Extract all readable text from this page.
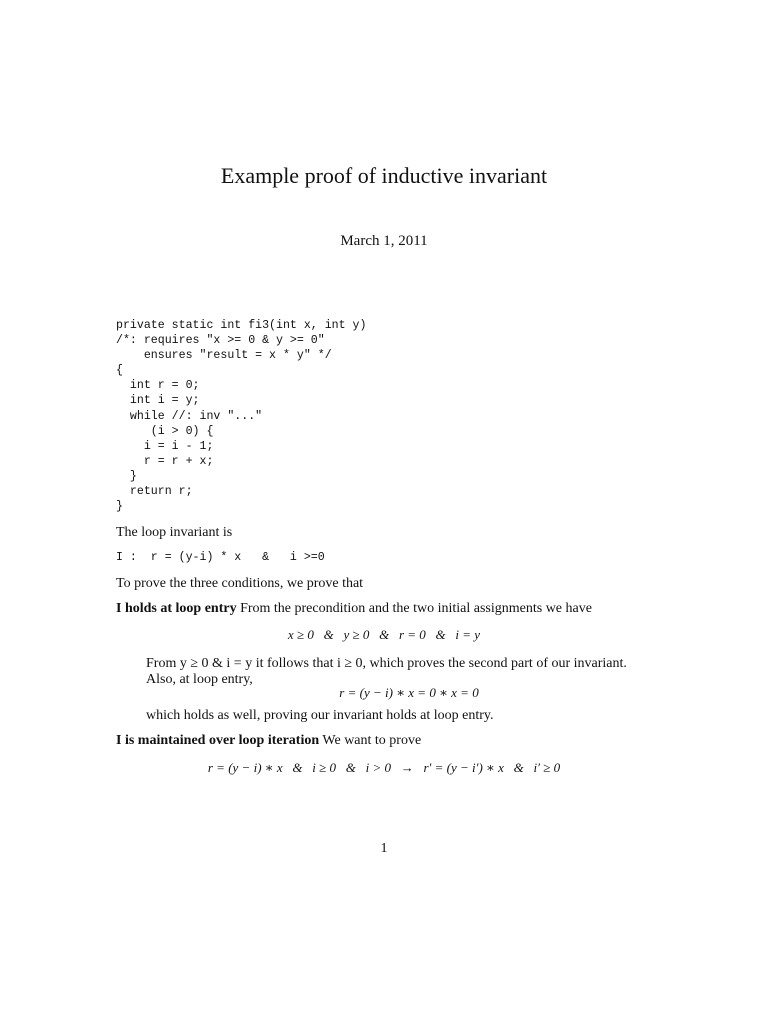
Example proof of inductive invariant
March 1, 2011
private static int fi3(int x, int y)
/*: requires "x >= 0 & y >= 0"
ensures "result = x * y" */
{
int r = 0;
int i = y;
while //: inv "..."
(i > 0) {
i = i - 1;
r = r + x;
}
return r;
}
The loop invariant is
I :  r = (y-i) * x   &   i >=0
To prove the three conditions, we prove that
I holds at loop entry From the precondition and the two initial assignments we have
x ≥ 0   &   y ≥ 0   &   r = 0   &   i = y
From y ≥ 0 & i = y it follows that i ≥ 0, which proves the second part of our invariant.
Also, at loop entry,
r = (y − i) ∗ x = 0 ∗ x = 0
which holds as well, proving our invariant holds at loop entry.
I is maintained over loop iteration We want to prove
r = (y − i) ∗ x   &   i ≥ 0   &   i > 0   →   r′ = (y − i′) ∗ x   &   i′ ≥ 0
1
